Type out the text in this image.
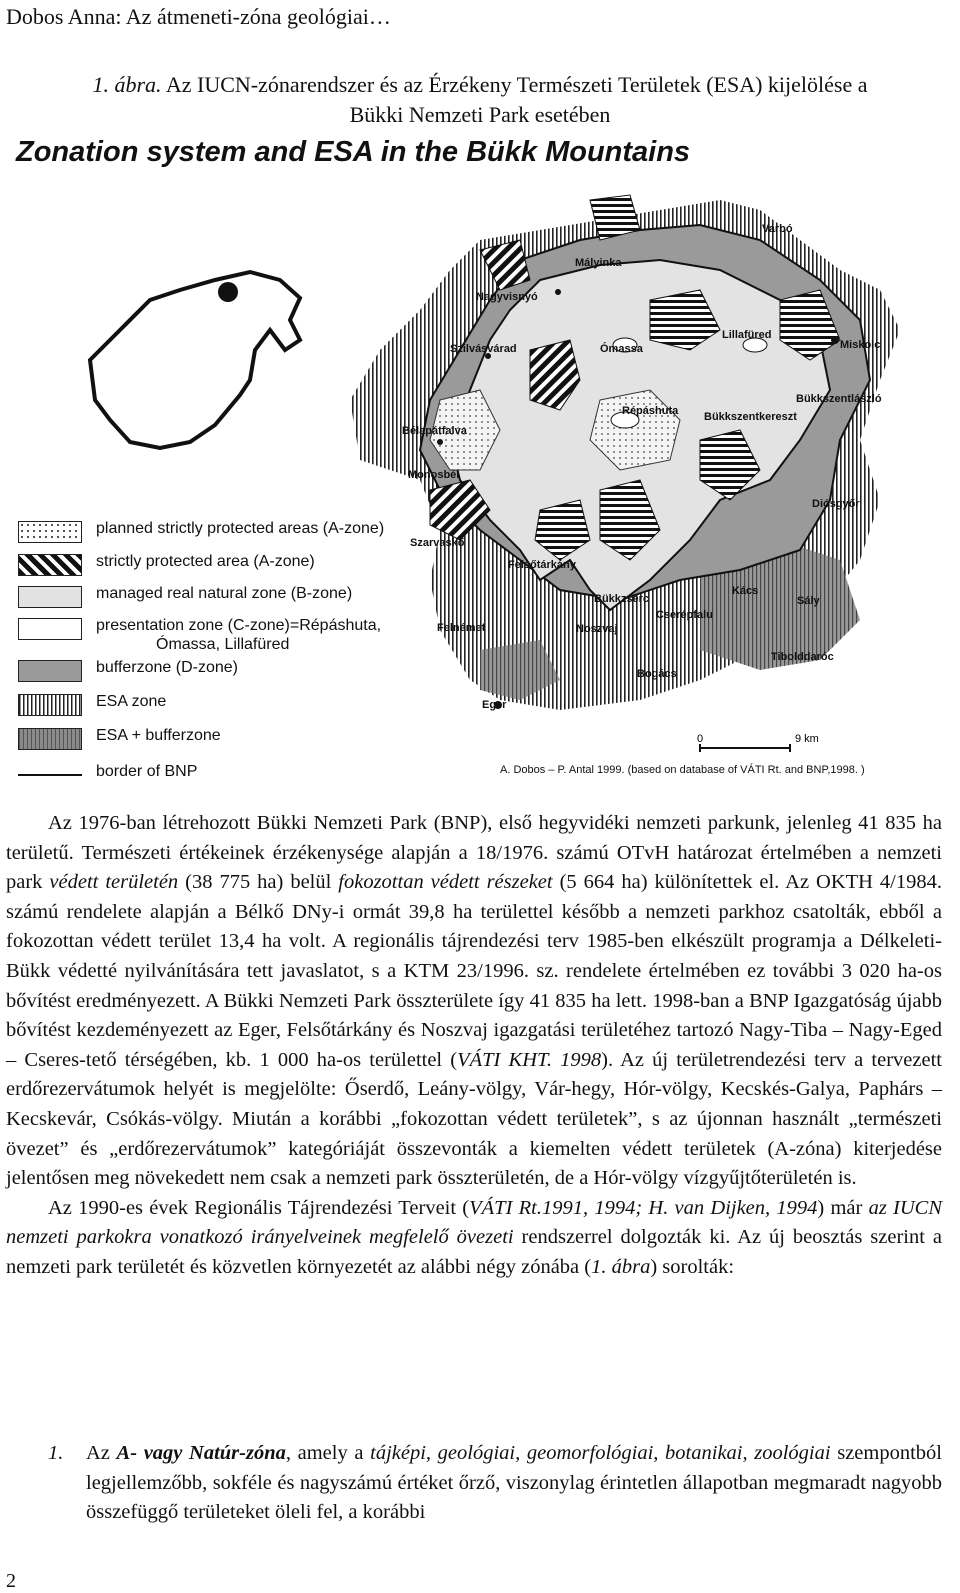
Dobos Anna: Az átmeneti-zóna geológiai…
1. ábra. Az IUCN-zónarendszer és az Érzékeny Természeti Területek (ESA) kijelölése a
Bükki Nemzeti Park esetében
Zonation system and ESA in the Bükk Mountains
Varbó
Mályinka
Nagyvisnyó
Szilvásvárad	Ómassa
Lillafüred
Miskolc
Répáshuta
Bükkszentlászló
Bükkszentkereszt
Bélapátfalva
Monosbél
Diósgyőr
Szarvaskő
Felsőtárkány
Kács
Sály
Bükkzsérc
Cserépfalu
Felnémet	Noszvaj
Tibolddaróc
Bogács
Eger
0	9 km
planned strictly protected areas (A-zone)
strictly protected area (A-zone)
managed real natural zone (B-zone)
presentation zone (C-zone)=Répáshuta,
Ómassa, Lillafüred
bufferzone (D-zone)
ESA zone
ESA + bufferzone
border of BNP	A. Dobos – P. Antal 1999. (based on database of VÁTI Rt. and BNP,1998. )

Az 1976-ban létrehozott Bükki Nemzeti Park (BNP), első hegyvidéki nemzeti parkunk, jelenleg 41 835 ha területű. Természeti értékeinek érzékenysége alapján a 18/1976. számú OTvH határozat értelmében a nemzeti park védett területén (38 775 ha) belül fokozottan védett részeket (5 664 ha) különítettek el. Az OKTH 4/1984. számú rendelete alapján a Bélkő DNy-i ormát 39,8 ha területtel később a nemzeti parkhoz csatolták, ebből a fokozottan védett terület 13,4 ha volt. A regionális tájrendezési terv 1985-ben elkészült programja a Délkeleti-Bükk védetté nyilvánítására tett javaslatot, s a KTM 23/1996. sz. rendelete értelmében ez további 3 020 ha-os bővítést eredményezett. A Bükki Nemzeti Park összterülete így 41 835 ha lett. 1998-ban a BNP Igazgatóság újabb bővítést kezdeményezett az Eger, Felsőtárkány és Noszvaj igazgatási területéhez tartozó Nagy-Tiba – Nagy-Eged – Cseres-tető térségében, kb. 1 000 ha-os területtel (VÁTI KHT. 1998). Az új területrendezési terv a tervezett erdőrezervátumok helyét is megjelölte: Őserdő, Leány-völgy, Vár-hegy, Hór-völgy, Kecskés-Galya, Paphárs – Kecskevár, Csókás-völgy. Miután a korábbi „fokozottan védett területek”, s az újonnan használt „természeti övezet” és „erdőrezervátumok” kategóriáját összevonták a kiemelten védett területek (A-zóna) kiterjedése jelentősen meg növekedett nem csak a nemzeti park összterületén, de a Hór-völgy vízgyűjtőterületén is.

Az 1990-es évek Regionális Tájrendezési Terveit (VÁTI Rt.1991, 1994; H. van Dijken, 1994) már az IUCN nemzeti parkokra vonatkozó irányelveinek megfelelő övezeti rendszerrel dolgozták ki. Az új beosztás szerint a nemzeti park területét és közvetlen környezetét az alábbi négy zónába (1. ábra) sorolták:

1. Az A- vagy Natúr-zóna, amely a tájképi, geológiai, geomorfológiai, botanikai, zoológiai szempontból legjellemzőbb, sokféle és nagyszámú értéket őrző, viszonylag érintetlen állapotban megmaradt nagyobb összefüggő területeket öleli fel, a korábbi
2
